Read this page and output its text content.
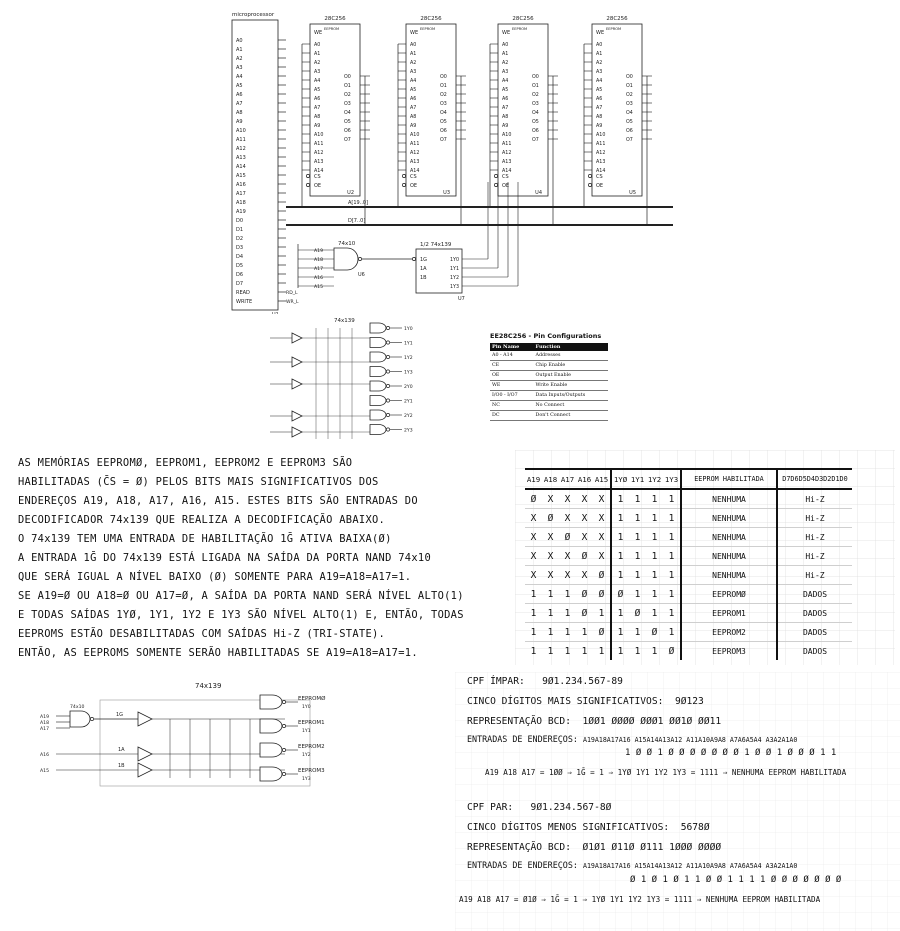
microprocessor
A0
A1
A2
A3
A4
A5
A6
A7
A8
A9
A10
A11
A12
A13
A14
A15
A16
A17
A18
A19
D0
D1
D2
D3
D4
D5
D6
D7
READ
WRITE
RD_L
WR_L
A[19..0]
D[7..0]
28C256
EEPROM
WE
A0
A1
A2
A3
A4
A5
A6
A7
A8
A9
A10
A11
A12
A13
A14
O0
O1
O2
O3
O4
O5
O6
O7
CS
OE
U2
28C256
EEPROM
WE
A0
A1
A2
A3
A4
A5
A6
A7
A8
A9
A10
A11
A12
A13
A14
O0
O1
O2
O3
O4
O5
O6
O7
CS
OE
U3
28C256
EEPROM
WE
A0
A1
A2
A3
A4
A5
A6
A7
A8
A9
A10
A11
A12
A13
A14
O0
O1
O2
O3
O4
O5
O6
O7
CS
OE
U4
28C256
EEPROM
WE
A0
A1
A2
A3
A4
A5
A6
A7
A8
A9
A10
A11
A12
A13
A14
O0
O1
O2
O3
O4
O5
O6
O7
CS
OE
U5
A19
A18
A17
A16
A15
74x10
U6
1/2 74x139
1G
1A
1B
1Y0
1Y1
1Y2
1Y3
U7
74x139
1Y0
1Y1
1Y2
1Y3
2Y0
2Y1
2Y2
2Y3
EE28C256 - Pin Configurations
Pin Name	Function
A0 - A14	Addresses
CE	Chip Enable
OE	Output Enable
WE	Write Enable
I/O0 - I/O7	Data Inputs/Outputs
NC	No Connect
DC	Don't Connect

AS MEMÓRIAS EEPROMØ, EEPROM1, EEPROM2 E EEPROM3 SÃO

HABILITADAS (C̄S = Ø) PELOS BITS MAIS SIGNIFICATIVOS DOS

ENDEREÇOS A19, A18, A17, A16, A15. ESTES BITS SÃO ENTRADAS DO

DECODIFICADOR 74x139 QUE REALIZA A DECODIFICAÇÃO ABAIXO.

O 74x139 TEM UMA ENTRADA DE HABILITAÇÃO 1Ḡ ATIVA BAIXA(Ø)

A ENTRADA 1Ḡ DO 74x139 ESTÁ LIGADA NA SAÍDA DA PORTA NAND 74x10

QUE SERÁ IGUAL A NÍVEL BAIXO (Ø) SOMENTE PARA A19=A18=A17=1.

SE A19=Ø OU A18=Ø OU A17=Ø, A SAÍDA DA PORTA NAND SERÁ NÍVEL ALTO(1)

E TODAS SAÍDAS 1YØ, 1Y1, 1Y2 E 1Y3 SÃO NÍVEL ALTO(1) E, ENTÃO, TODAS

EEPROMS ESTÃO DESABILITADAS COM SAÍDAS Hi-Z (TRI-STATE).

ENTÃO, AS EEPROMS SOMENTE SERÃO HABILITADAS SE A19=A18=A17=1.

A19	A18	A17	A16	A15	1YØ	1Y1	1Y2	1Y3	EEPROM HABILITADA	D7D6D5D4D3D2D1D0
Ø	X	X	X	X	1	1	1	1	NENHUMA	Hi-Z
X	Ø	X	X	X	1	1	1	1	NENHUMA	Hi-Z
X	X	Ø	X	X	1	1	1	1	NENHUMA	Hi-Z
X	X	X	Ø	X	1	1	1	1	NENHUMA	Hi-Z
X	X	X	X	Ø	1	1	1	1	NENHUMA	Hi-Z
1	1	1	Ø	Ø	Ø	1	1	1	EEPROMØ	DADOS
1	1	1	Ø	1	1	Ø	1	1	EEPROM1	DADOS
1	1	1	1	Ø	1	1	Ø	1	EEPROM2	DADOS
1	1	1	1	1	1	1	1	Ø	EEPROM3	DADOS
74x139
A19
A18
A17
74x10
1G
A16
1A
A15
1B
EEPROMØ
1Y0
EEPROM1
1Y1
EEPROM2
1Y2
EEPROM3
1Y3

CPF ÍMPAR: 9Ø1.234.567-89

CINCO DÍGITOS MAIS SIGNIFICATIVOS: 9Ø123

REPRESENTAÇÃO BCD: 1ØØ1 ØØØØ ØØØ1 ØØ1Ø ØØ11

ENTRADAS DE ENDEREÇOS: A19A18A17A16 A15A14A13A12 A11A10A9A8 A7A6A5A4 A3A2A1A0

1 Ø Ø 1 Ø Ø Ø Ø Ø Ø Ø 1 Ø Ø 1 Ø Ø Ø 1 1

A19 A18 A17 = 1ØØ ⇒ 1Ḡ = 1 ⇒ 1YØ 1Y1 1Y2 1Y3 = 1111 ⇒ NENHUMA EEPROM HABILITADA

CPF PAR: 9Ø1.234.567-8Ø

CINCO DÍGITOS MENOS SIGNIFICATIVOS: 5678Ø

REPRESENTAÇÃO BCD: Ø1Ø1 Ø11Ø Ø111 1ØØØ ØØØØ

ENTRADAS DE ENDEREÇOS: A19A18A17A16 A15A14A13A12 A11A10A9A8 A7A6A5A4 A3A2A1A0

Ø 1 Ø 1 Ø 1 1 Ø Ø 1 1 1 1 Ø Ø Ø Ø Ø Ø Ø

A19 A18 A17 = Ø1Ø ⇒ 1Ḡ = 1 ⇒ 1YØ 1Y1 1Y2 1Y3 = 1111 ⇒ NENHUMA EEPROM HABILITADA
